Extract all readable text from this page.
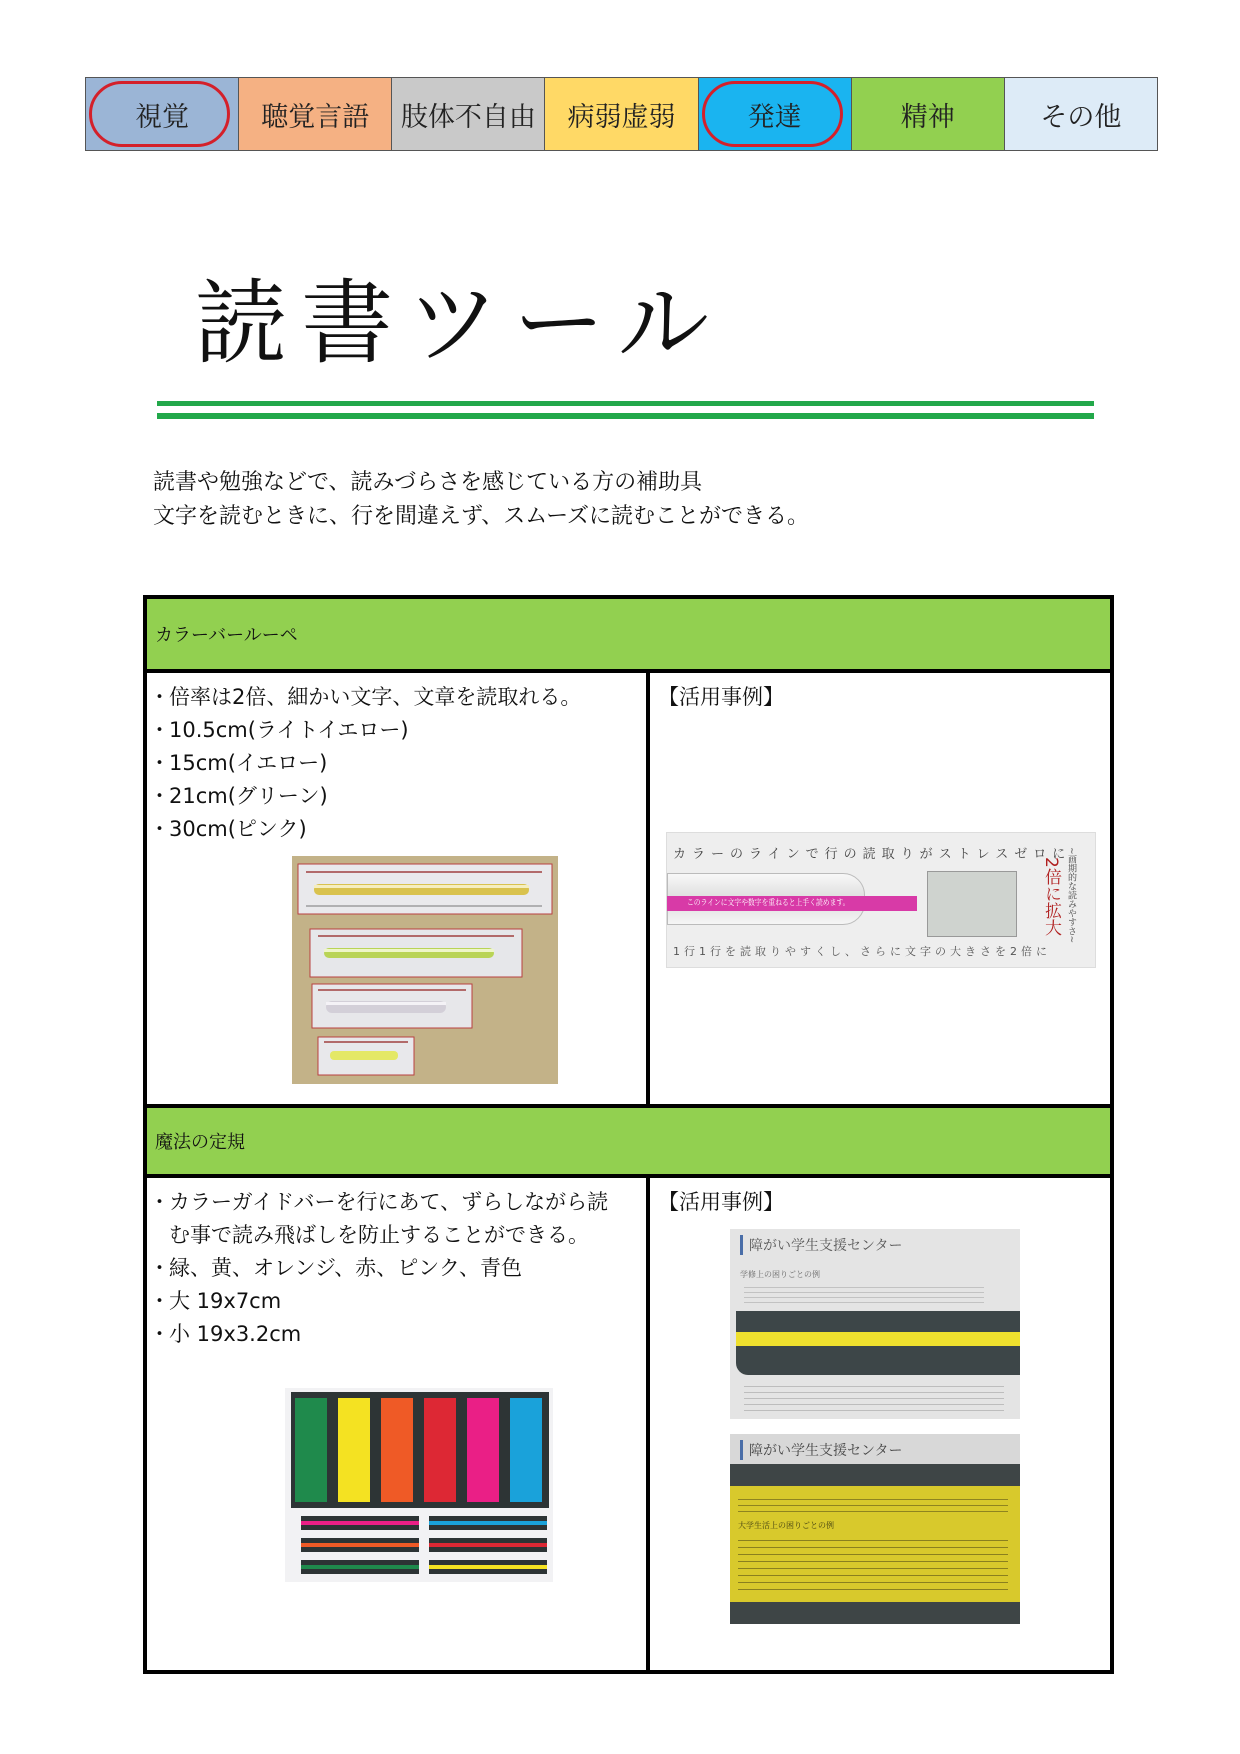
視覚	聴覚言語	肢体不自由	病弱虚弱	発達	精神	その他
読書ツール
読書や勉強などで、読みづらさを感じている方の補助具
文字を読むときに、行を間違えず、スムーズに読むことができる。
カラーバールーペ
・ 倍率は2倍、細かい文字、文章を読取れる。
・ 10.5cm(ライトイエロー)
・ 15cm(イエロー)
・ 21cm(グリーン)
・ 30cm(ピンク)
【活用事例】
カラーのラインで行の読取りがストレスゼロに
このラインに文字や数字を重ねると上手く読めます。
1行1行を読取りやすくし、さらに文字の大きさを2倍に
2倍に拡大 ~画期的な読みやすさ~
魔法の定規
・ カラーガイドバーを行にあて、ずらしながら読む事で読み飛ばしを防止することができる。
・ 緑、黄、オレンジ、赤、ピンク、青色
・ 大 19x7cm
・ 小 19x3.2cm
【活用事例】
障がい学生支援センター
学修上の困りごとの例
障がい学生支援センター
大学生活上の困りごとの例
